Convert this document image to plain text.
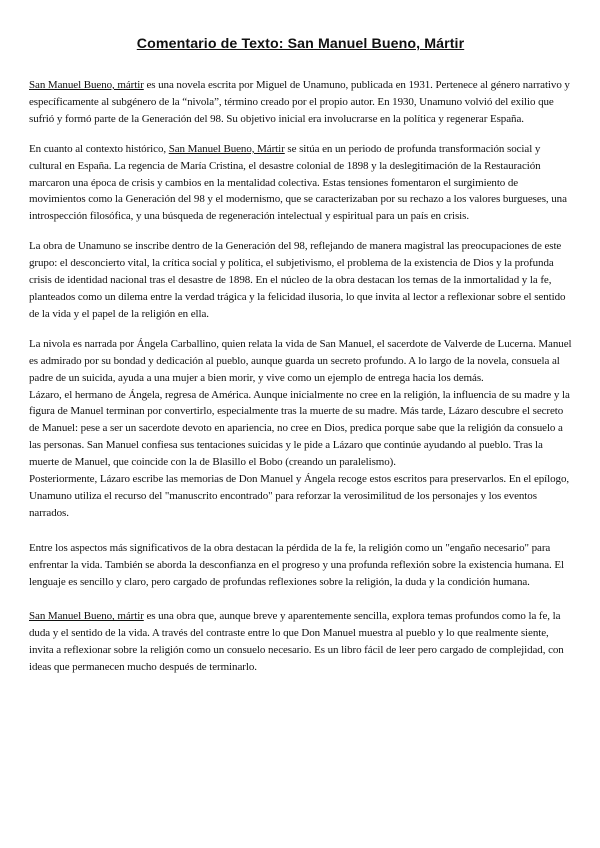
Comentario de Texto: San Manuel Bueno, Mártir

San Manuel Bueno, mártir es una novela escrita por Miguel de Unamuno, publicada en 1931. Pertenece al género narrativo y específicamente al subgénero de la “nivola”, término creado por el propio autor. En 1930, Unamuno volvió del exilio que sufrió y formó parte de la Generación del 98. Su objetivo inicial era involucrarse en la política y regenerar España.

En cuanto al contexto histórico, San Manuel Bueno, Mártir se sitúa en un periodo de profunda transformación social y cultural en España. La regencia de María Cristina, el desastre colonial de 1898 y la deslegitimación de la Restauración marcaron una época de crisis y cambios en la mentalidad colectiva. Estas tensiones fomentaron el surgimiento de movimientos como la Generación del 98 y el modernismo, que se caracterizaban por su rechazo a los valores burgueses, una introspección filosófica, y una búsqueda de regeneración intelectual y espiritual para un país en crisis.

La obra de Unamuno se inscribe dentro de la Generación del 98, reflejando de manera magistral las preocupaciones de este grupo: el desconcierto vital, la crítica social y política, el subjetivismo, el problema de la existencia de Dios y la profunda crisis de identidad nacional tras el desastre de 1898. En el núcleo de la obra destacan los temas de la inmortalidad y la fe, planteados como un dilema entre la verdad trágica y la felicidad ilusoria, lo que invita al lector a reflexionar sobre el sentido de la vida y el papel de la religión en ella.

La nivola es narrada por Ángela Carballino, quien relata la vida de San Manuel, el sacerdote de Valverde de Lucerna. Manuel es admirado por su bondad y dedicación al pueblo, aunque guarda un secreto profundo. A lo largo de la novela, consuela al padre de un suicida, ayuda a una mujer a bien morir, y vive como un ejemplo de entrega hacia los demás.

Lázaro, el hermano de Ángela, regresa de América. Aunque inicialmente no cree en la religión, la influencia de su madre y la figura de Manuel terminan por convertirlo, especialmente tras la muerte de su madre. Más tarde, Lázaro descubre el secreto de Manuel: pese a ser un sacerdote devoto en apariencia, no cree en Dios, predica porque sabe que la religión da consuelo a las personas. San Manuel confiesa sus tentaciones suicidas y le pide a Lázaro que continúe ayudando al pueblo. Tras la muerte de Manuel, que coincide con la de Blasillo el Bobo (creando un paralelismo).

Posteriormente, Lázaro escribe las memorias de Don Manuel y Ángela recoge estos escritos para preservarlos. En el epílogo, Unamuno utiliza el recurso del "manuscrito encontrado" para reforzar la verosimilitud de los personajes y los eventos narrados.

Entre los aspectos más significativos de la obra destacan la pérdida de la fe, la religión como un "engaño necesario" para enfrentar la vida. También se aborda la desconfianza en el progreso y una profunda reflexión sobre la existencia humana. El lenguaje es sencillo y claro, pero cargado de profundas reflexiones sobre la religión, la duda y la condición humana.

San Manuel Bueno, mártir es una obra que, aunque breve y aparentemente sencilla, explora temas profundos como la fe, la duda y el sentido de la vida. A través del contraste entre lo que Don Manuel muestra al pueblo y lo que realmente siente, invita a reflexionar sobre la religión como un consuelo necesario. Es un libro fácil de leer pero cargado de complejidad, con ideas que permanecen mucho después de terminarlo.
